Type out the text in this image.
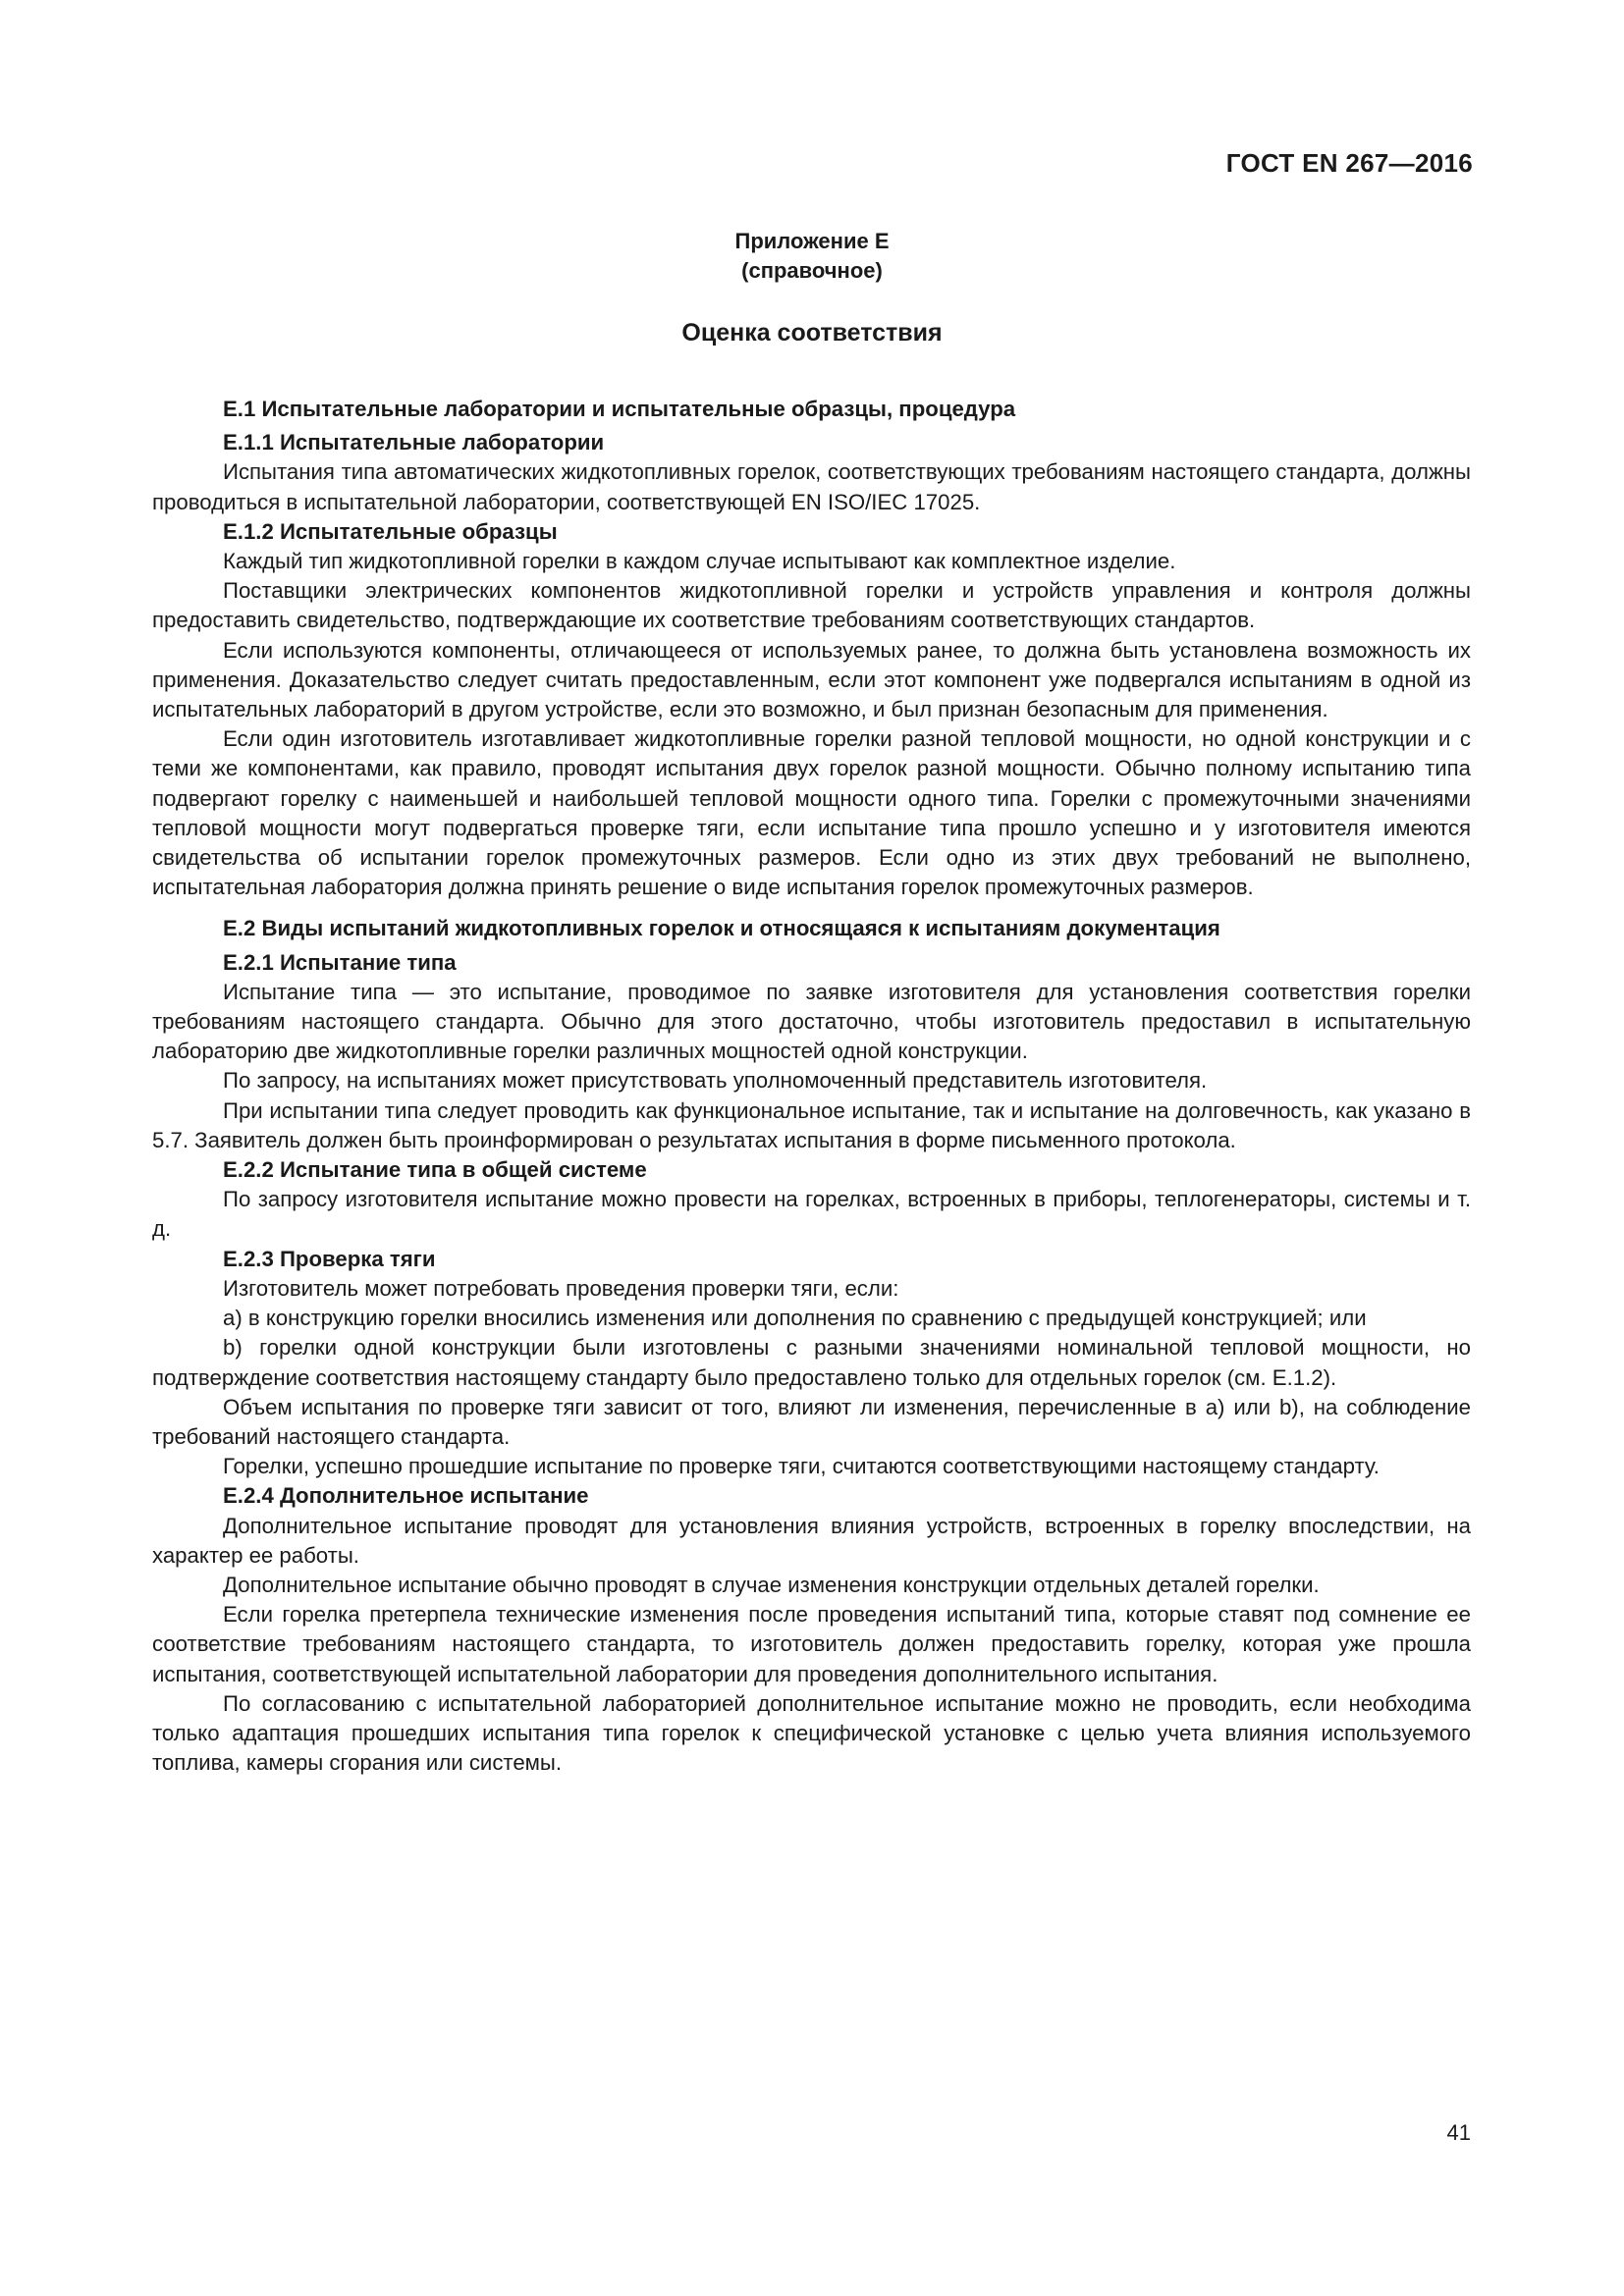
ГОСТ EN 267—2016
Приложение Е
(справочное)
Оценка соответствия

Е.1 Испытательные лаборатории и испытательные образцы, процедура

Е.1.1 Испытательные лаборатории

Испытания типа автоматических жидкотопливных горелок, соответствующих требованиям настоящего стандарта, должны проводиться в испытательной лаборатории, соответствующей EN ISO/IEC 17025.

Е.1.2 Испытательные образцы

Каждый тип жидкотопливной горелки в каждом случае испытывают как комплектное изделие.

Поставщики электрических компонентов жидкотопливной горелки и устройств управления и контроля должны предоставить свидетельство, подтверждающие их соответствие требованиям соответствующих стандартов.

Если используются компоненты, отличающееся от используемых ранее, то должна быть установлена возможность их применения. Доказательство следует считать предоставленным, если этот компонент уже подвергался испытаниям в одной из испытательных лабораторий в другом устройстве, если это возможно, и был признан безопасным для применения.

Если один изготовитель изготавливает жидкотопливные горелки разной тепловой мощности, но одной конструкции и с теми же компонентами, как правило, проводят испытания двух горелок разной мощности. Обычно полному испытанию типа подвергают горелку с наименьшей и наибольшей тепловой мощности одного типа. Горелки с промежуточными значениями тепловой мощности могут подвергаться проверке тяги, если испытание типа прошло успешно и у изготовителя имеются свидетельства об испытании горелок промежуточных размеров. Если одно из этих двух требований не выполнено, испытательная лаборатория должна принять решение о виде испытания горелок промежуточных размеров.

Е.2 Виды испытаний жидкотопливных горелок и относящаяся к испытаниям документация

Е.2.1 Испытание типа

Испытание типа — это испытание, проводимое по заявке изготовителя для установления соответствия горелки требованиям настоящего стандарта. Обычно для этого достаточно, чтобы изготовитель предоставил в испытательную лабораторию две жидкотопливные горелки различных мощностей одной конструкции.

По запросу, на испытаниях может присутствовать уполномоченный представитель изготовителя.

При испытании типа следует проводить как функциональное испытание, так и испытание на долговечность, как указано в 5.7. Заявитель должен быть проинформирован о результатах испытания в форме письменного протокола.

Е.2.2 Испытание типа в общей системе

По запросу изготовителя испытание можно провести на горелках, встроенных в приборы, теплогенераторы, системы и т. д.

Е.2.3 Проверка тяги

Изготовитель может потребовать проведения проверки тяги, если:

a) в конструкцию горелки вносились изменения или дополнения по сравнению с предыдущей конструкцией; или

b) горелки одной конструкции были изготовлены с разными значениями номинальной тепловой мощности, но подтверждение соответствия настоящему стандарту было предоставлено только для отдельных горелок (см. Е.1.2).

Объем испытания по проверке тяги зависит от того, влияют ли изменения, перечисленные в a) или b), на соблюдение требований настоящего стандарта.

Горелки, успешно прошедшие испытание по проверке тяги, считаются соответствующими настоящему стандарту.

Е.2.4 Дополнительное испытание

Дополнительное испытание проводят для установления влияния устройств, встроенных в горелку впоследствии, на характер ее работы.

Дополнительное испытание обычно проводят в случае изменения конструкции отдельных деталей горелки.

Если горелка претерпела технические изменения после проведения испытаний типа, которые ставят под сомнение ее соответствие требованиям настоящего стандарта, то изготовитель должен предоставить горелку, которая уже прошла испытания, соответствующей испытательной лаборатории для проведения дополнительного испытания.

По согласованию с испытательной лабораторией дополнительное испытание можно не проводить, если необходима только адаптация прошедших испытания типа горелок к специфической установке с целью учета влияния используемого топлива, камеры сгорания или системы.

41
